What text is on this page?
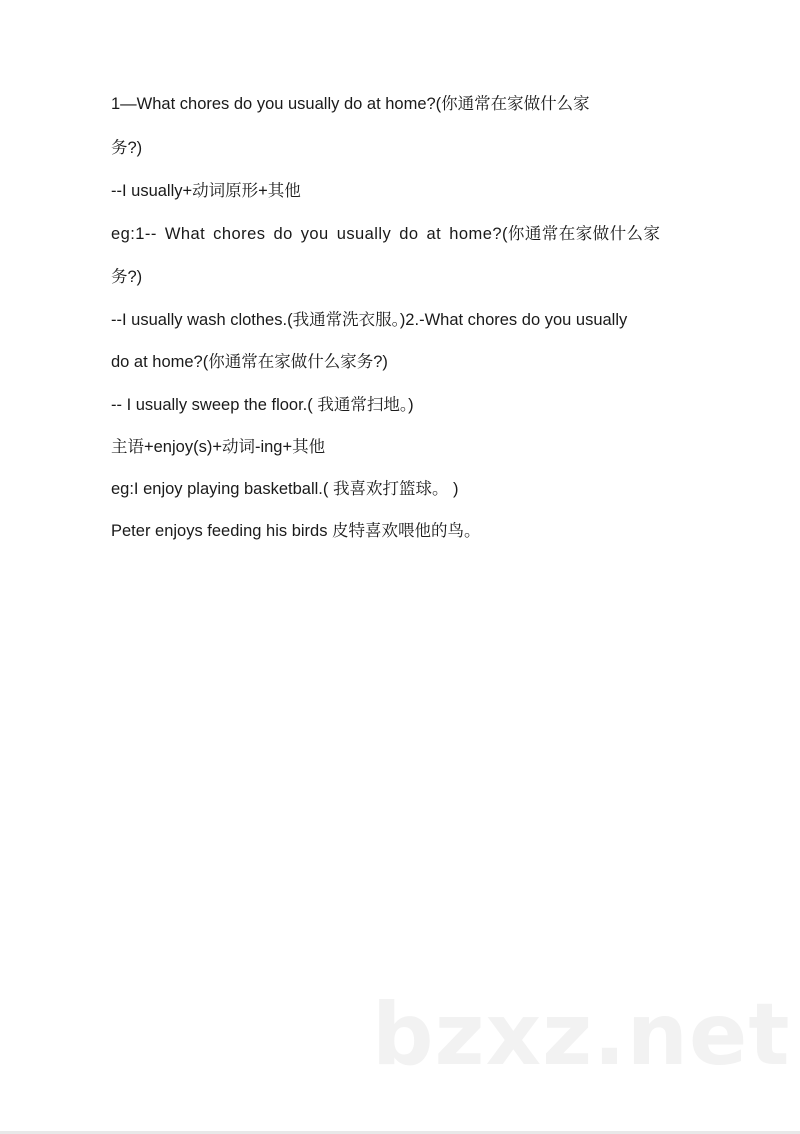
1—What chores do you usually do at home?(你通常在家做什么家

务?)

--I usually+动词原形+其他

eg:1-- What chores do you usually do at home?(你通常在家做什么家

务?)

--I usually wash clothes.(我通常洗衣服。)2.-What chores do you usually

do at home?(你通常在家做什么家务?)

-- I usually sweep the floor.( 我通常扫地。)

主语+enjoy(s)+动词-ing+其他

eg:I enjoy playing basketball.( 我喜欢打篮球。 )

Peter enjoys feeding his birds 皮特喜欢喂他的鸟。

bzxz.net
